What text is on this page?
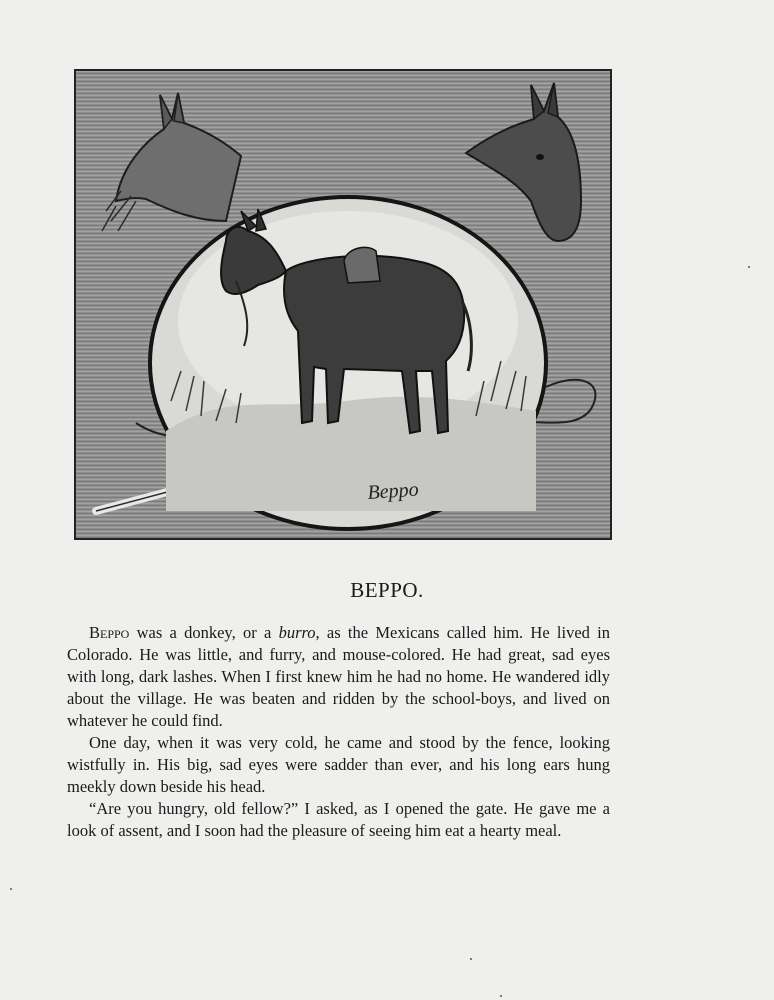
Beppo
BEPPO.

Beppo was a donkey, or a burro, as the Mexicans called him. He lived in Colorado. He was little, and furry, and mouse-colored. He had great, sad eyes with long, dark lashes. When I first knew him he had no home. He wandered idly about the village. He was beaten and ridden by the school-boys, and lived on whatever he could find.

One day, when it was very cold, he came and stood by the fence, looking wistfully in. His big, sad eyes were sadder than ever, and his long ears hung meekly down beside his head.

“Are you hungry, old fellow?” I asked, as I opened the gate. He gave me a look of assent, and I soon had the pleasure of seeing him eat a hearty meal.
